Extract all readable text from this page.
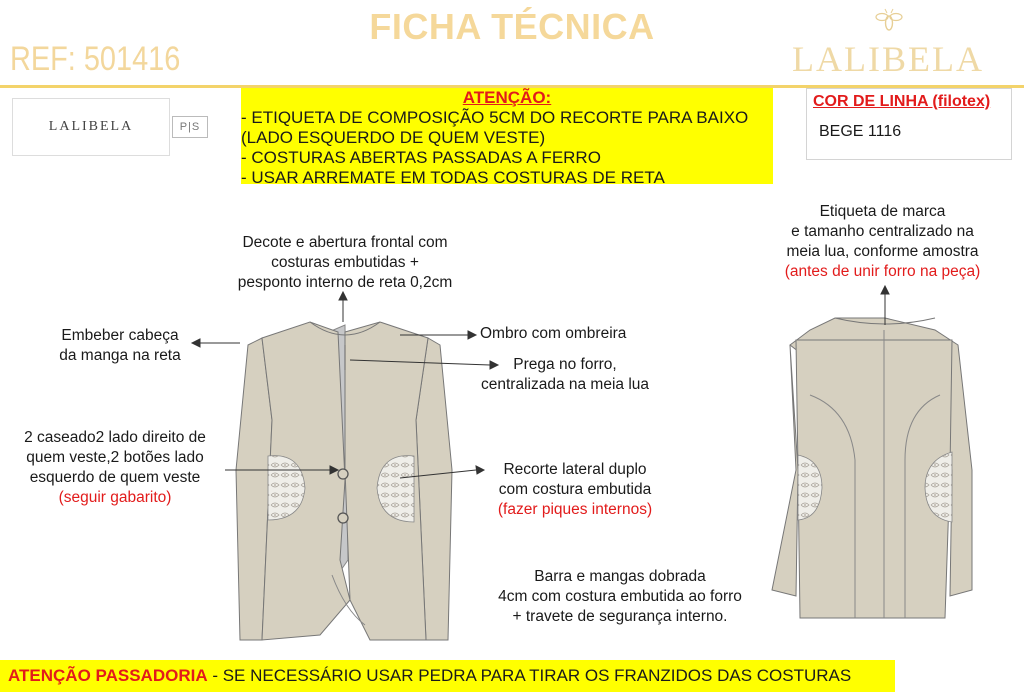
FICHA TÉCNICA
REF: 501416	LALIBELA
LALIBELA	P|S
ATENÇÃO:
- ETIQUETA DE COMPOSIÇÃO 5CM DO RECORTE PARA BAIXO
(LADO ESQUERDO DE QUEM VESTE)
- COSTURAS ABERTAS PASSADAS A FERRO
- USAR ARREMATE EM TODAS COSTURAS DE RETA
COR DE LINHA (filotex)
BEGE 1116
Decote e abertura frontal com
costuras embutidas +
pesponto interno de reta 0,2cm
Embeber cabeça
da manga na reta
Ombro com ombreira
Prega no forro,
centralizada na meia lua
2 caseado2 lado direito de
quem veste,2 botões lado
esquerdo de quem veste
(seguir gabarito)
Recorte lateral duplo
com costura embutida
(fazer piques internos)
Barra e mangas dobrada
4cm com costura embutida ao forro
+ travete de segurança interno.
Etiqueta de marca
e tamanho centralizado na
meia lua, conforme amostra
(antes de unir forro na peça)
ATENÇÃO PASSADORIA - SE NECESSÁRIO USAR PEDRA PARA TIRAR OS FRANZIDOS DAS COSTURAS
